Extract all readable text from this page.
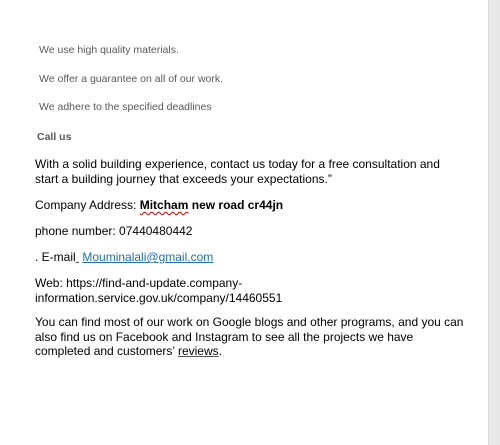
We use high quality materials.
We offer a guarantee on all of our work.
We adhere to the specified deadlines
Call us
With a solid building experience, contact us today for a free consultation and start a building journey that exceeds your expectations.”
Company Address: Mitcham new road cr44jn
phone number: 07440480442
. E-mail Mouminalali@gmail.com
Web: https://find-and-update.company-information.service.gov.uk/company/14460551
You can find most of our work on Google blogs and other programs, and you can also find us on Facebook and Instagram to see all the projects we have completed and customers’ reviews.
